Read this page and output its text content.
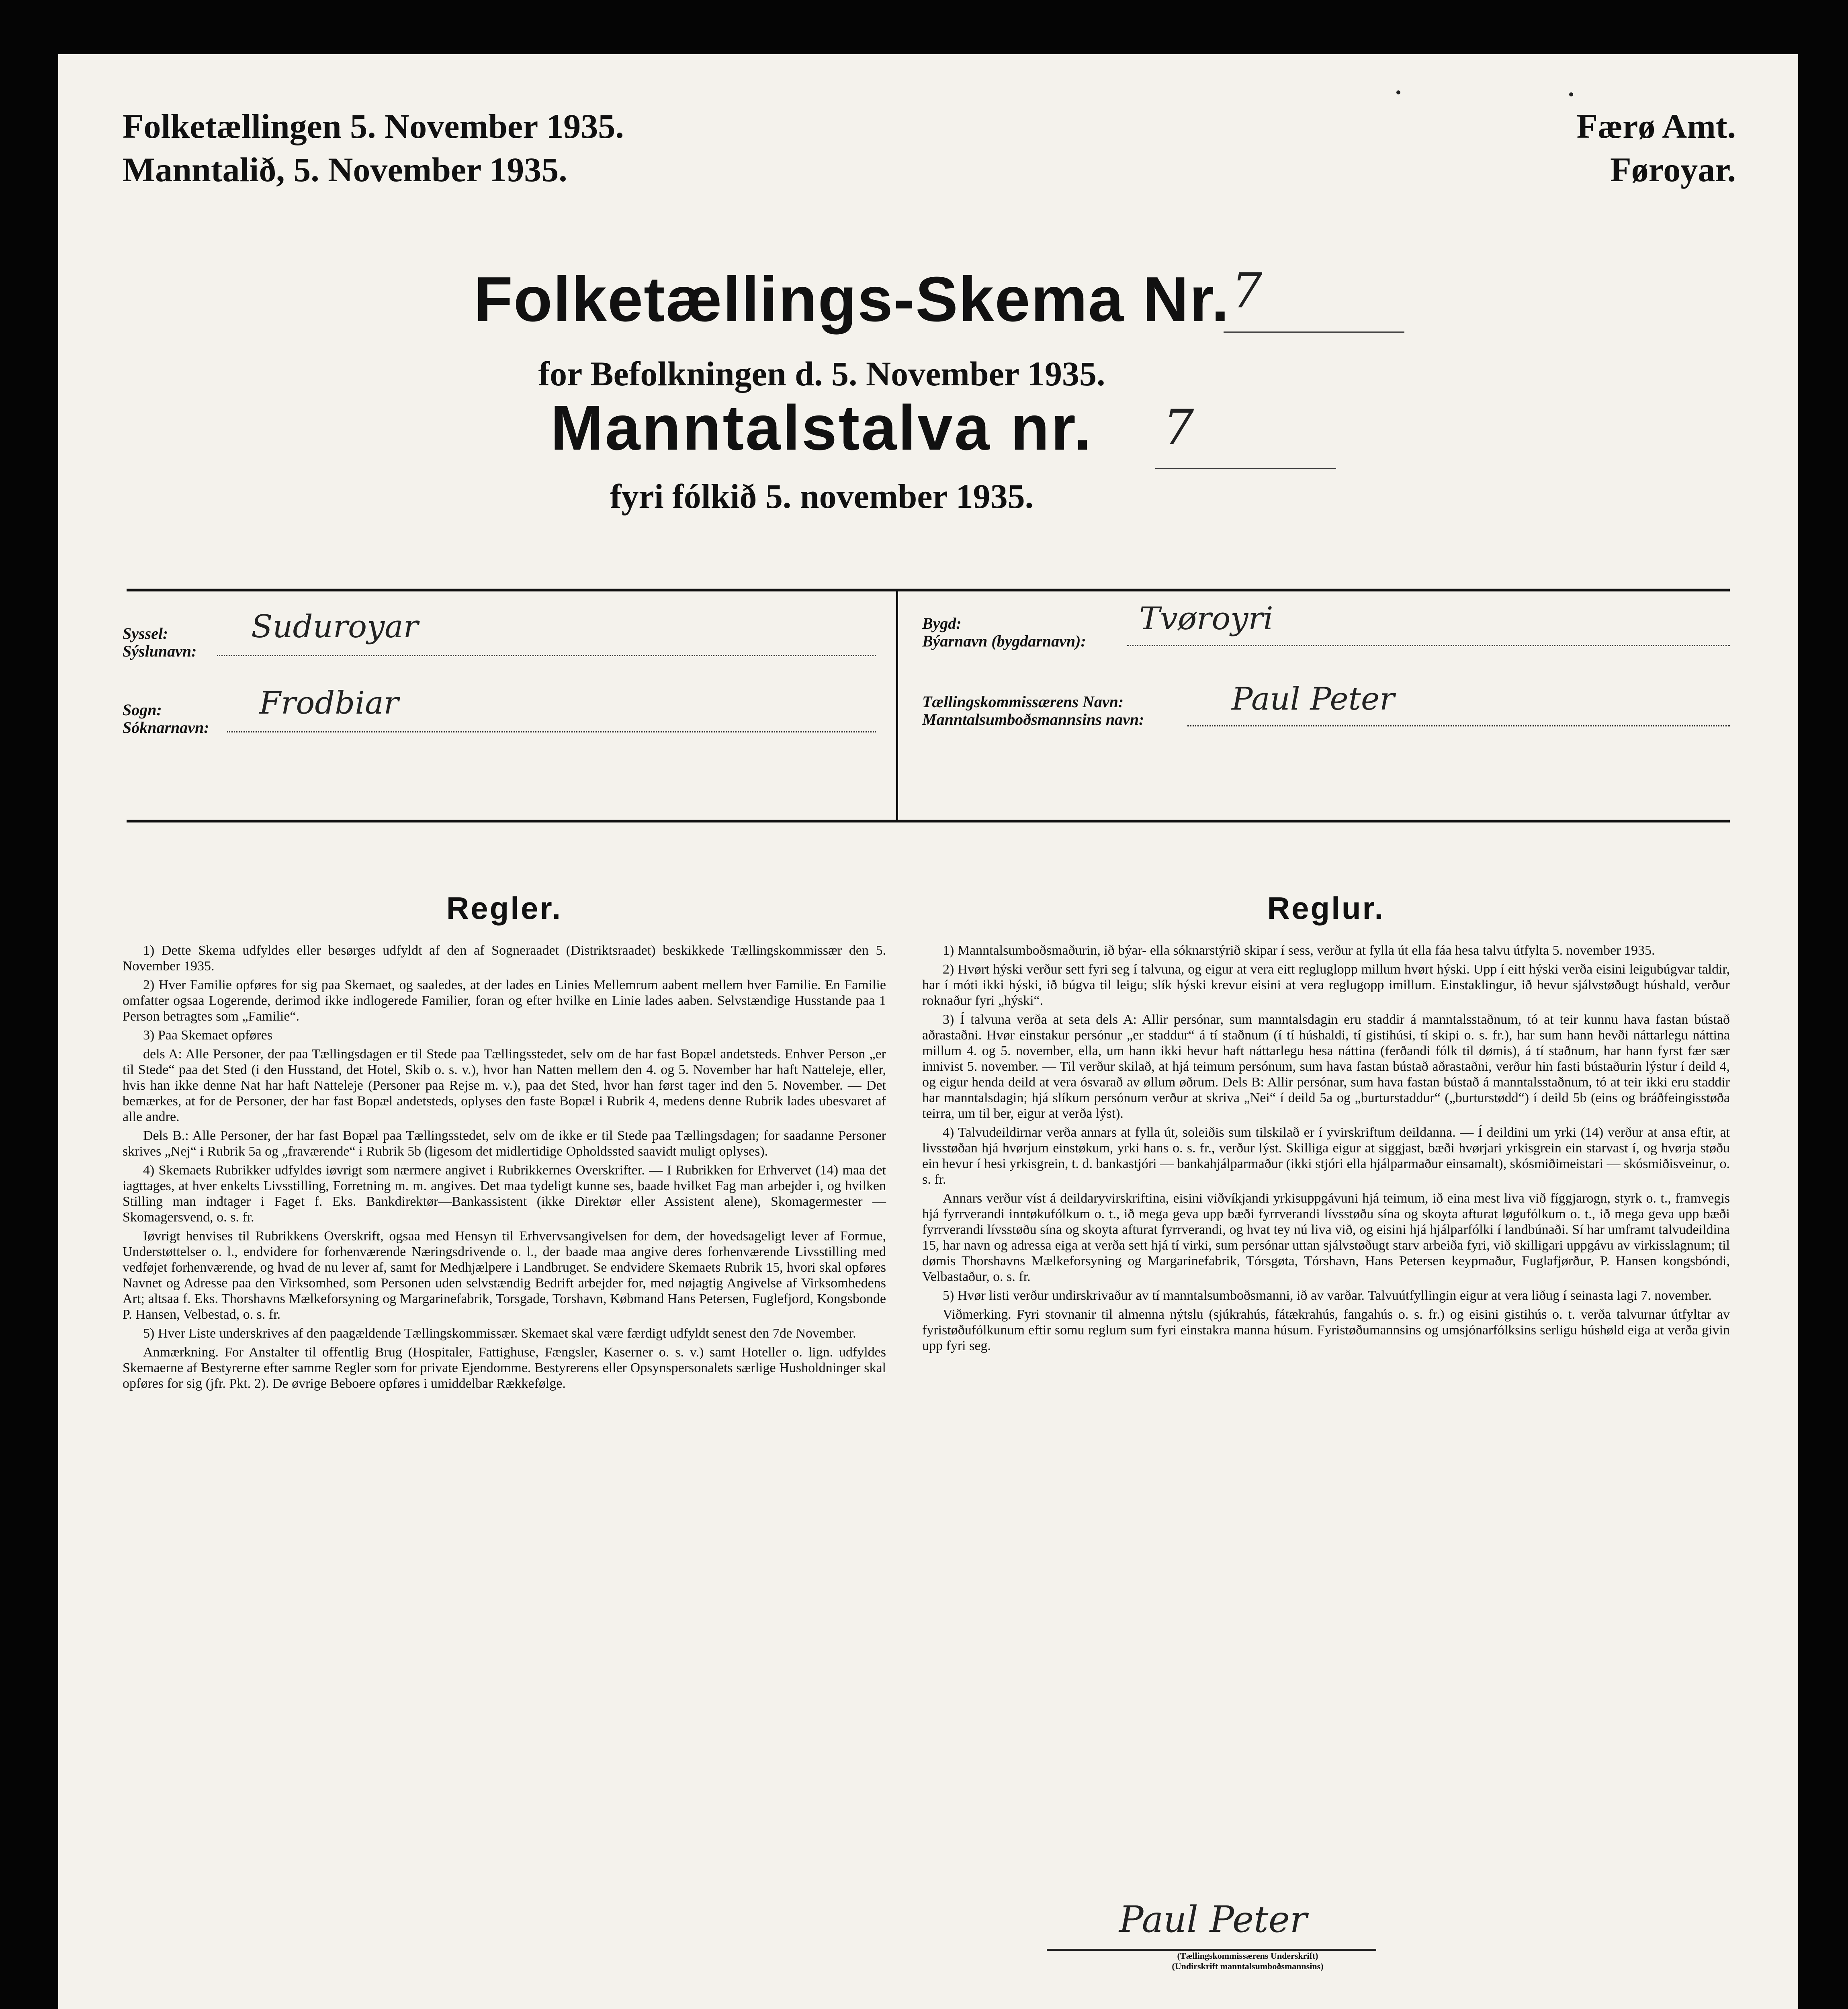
Folketællingen 5. November 1935.
Manntalið, 5. November 1935.
Færø Amt.
Føroyar.
Folketællings-Skema Nr. 7
for Befolkningen d. 5. November 1935.
Manntalstalva nr.	7
fyri fólkið 5. november 1935.
Syssel:
Sýslunavn:
Suduroyar
Sogn:
Sóknarnavn:
Frodbiar
Bygd:
Býarnavn (bygdarnavn):
Tvøroyri
Tællingskommissærens Navn:
Manntalsumboðsmannsins navn:
Paul Peter
Regler.

1) Dette Skema udfyldes eller besørges udfyldt af den af Sogneraadet (Distriktsraadet) beskikkede Tællingskommissær den 5. November 1935.

2) Hver Familie opføres for sig paa Skemaet, og saaledes, at der lades en Linies Mellemrum aabent mellem hver Familie. En Familie omfatter ogsaa Logerende, derimod ikke indlogerede Familier, foran og efter hvilke en Linie lades aaben. Selvstændige Husstande paa 1 Person betragtes som „Familie“.

3) Paa Skemaet opføres

dels A: Alle Personer, der paa Tællingsdagen er til Stede paa Tællingsstedet, selv om de har fast Bopæl andetsteds. Enhver Person „er til Stede“ paa det Sted (i den Husstand, det Hotel, Skib o. s. v.), hvor han Natten mellem den 4. og 5. November har haft Natteleje, eller, hvis han ikke denne Nat har haft Natteleje (Personer paa Rejse m. v.), paa det Sted, hvor han først tager ind den 5. November. — Det bemærkes, at for de Personer, der har fast Bopæl andetsteds, oplyses den faste Bopæl i Rubrik 4, medens denne Rubrik lades ubesvaret af alle andre.

Dels B.: Alle Personer, der har fast Bopæl paa Tællingsstedet, selv om de ikke er til Stede paa Tællingsdagen; for saadanne Personer skrives „Nej“ i Rubrik 5a og „fraværende“ i Rubrik 5b (ligesom det midlertidige Opholdssted saavidt muligt oplyses).

4) Skemaets Rubrikker udfyldes iøvrigt som nærmere angivet i Rubrikkernes Overskrifter. — I Rubrikken for Erhvervet (14) maa det iagttages, at hver enkelts Livsstilling, Forretning m. m. angives. Det maa tydeligt kunne ses, baade hvilket Fag man arbejder i, og hvilken Stilling man indtager i Faget f. Eks. Bankdirektør—Bankassistent (ikke Direktør eller Assistent alene), Skomagermester — Skomagersvend, o. s. fr.

Iøvrigt henvises til Rubrikkens Overskrift, ogsaa med Hensyn til Erhvervsangivelsen for dem, der hovedsageligt lever af Formue, Understøttelser o. l., endvidere for forhenværende Næringsdrivende o. l., der baade maa angive deres forhenværende Livsstilling med vedføjet forhenværende, og hvad de nu lever af, samt for Medhjælpere i Landbruget. Se endvidere Skemaets Rubrik 15, hvori skal opføres Navnet og Adresse paa den Virksomhed, som Personen uden selvstændig Bedrift arbejder for, med nøjagtig Angivelse af Virksomhedens Art; altsaa f. Eks. Thorshavns Mælkeforsyning og Margarinefabrik, Torsgade, Torshavn, Købmand Hans Petersen, Fuglefjord, Kongsbonde P. Hansen, Velbestad, o. s. fr.

5) Hver Liste underskrives af den paagældende Tællingskommissær. Skemaet skal være færdigt udfyldt senest den 7de November.

Anmærkning. For Anstalter til offentlig Brug (Hospitaler, Fattighuse, Fængsler, Kaserner o. s. v.) samt Hoteller o. lign. udfyldes Skemaerne af Bestyrerne efter samme Regler som for private Ejendomme. Bestyrerens eller Opsynspersonalets særlige Husholdninger skal opføres for sig (jfr. Pkt. 2). De øvrige Beboere opføres i umiddelbar Rækkefølge.

Reglur.

1) Manntalsumboðsmaðurin, ið býar- ella sóknarstýrið skipar í sess, verður at fylla út ella fáa hesa talvu útfylta 5. november 1935.

2) Hvørt hýski verður sett fyri seg í talvuna, og eigur at vera eitt regluglopp millum hvørt hýski. Upp í eitt hýski verða eisini leigubúgvar taldir, har í móti ikki hýski, ið búgva til leigu; slík hýski krevur eisini at vera reglugopp imillum. Einstaklingur, ið hevur sjálvstøðugt húshald, verður roknaður fyri „hýski“.

3) Í talvuna verða at seta dels A: Allir persónar, sum manntalsdagin eru staddir á manntalsstaðnum, tó at teir kunnu hava fastan bústað aðrastaðni. Hvør einstakur persónur „er staddur“ á tí staðnum (í tí húshaldi, tí gistihúsi, tí skipi o. s. fr.), har sum hann hevði náttarlegu náttina millum 4. og 5. november, ella, um hann ikki hevur haft náttarlegu hesa náttina (ferðandi fólk til dømis), á tí staðnum, har hann fyrst fær sær innivist 5. november. — Til verður skilað, at hjá teimum persónum, sum hava fastan bústað aðrastaðni, verður hin fasti bústaðurin lýstur í deild 4, og eigur henda deild at vera ósvarað av øllum øðrum. Dels B: Allir persónar, sum hava fastan bústað á manntalsstaðnum, tó at teir ikki eru staddir har manntalsdagin; hjá slíkum persónum verður at skriva „Nei“ í deild 5a og „burturstaddur“ („burturstødd“) í deild 5b (eins og bráðfeingisstøða teirra, um til ber, eigur at verða lýst).

4) Talvudeildirnar verða annars at fylla út, soleiðis sum tilskilað er í yvirskriftum deildanna. — Í deildini um yrki (14) verður at ansa eftir, at livsstøðan hjá hvørjum einstøkum, yrki hans o. s. fr., verður lýst. Skilliga eigur at siggjast, bæði hvørjari yrkisgrein ein starvast í, og hvørja støðu ein hevur í hesi yrkisgrein, t. d. bankastjóri — bankahjálparmaður (ikki stjóri ella hjálparmaður einsamalt), skósmiðimeistari — skósmiðisveinur, o. s. fr.

Annars verður víst á deildaryvirskriftina, eisini viðvíkjandi yrkisuppgávuni hjá teimum, ið eina mest liva við fíggjarogn, styrk o. t., framvegis hjá fyrrverandi inntøkufólkum o. t., ið mega geva upp bæði fyrrverandi lívsstøðu sína og skoyta afturat løgufólkum o. t., ið mega geva upp bæði fyrrverandi lívsstøðu sína og skoyta afturat fyrrverandi, og hvat tey nú liva við, og eisini hjá hjálparfólki í landbúnaði. Sí har umframt talvudeildina 15, har navn og adressa eiga at verða sett hjá tí virki, sum persónar uttan sjálvstøðugt starv arbeiða fyri, við skilligari uppgávu av virkisslagnum; til dømis Thorshavns Mælkeforsyning og Margarinefabrik, Tórsgøta, Tórshavn, Hans Petersen keypmaður, Fuglafjørður, P. Hansen kongsbóndi, Velbastaður, o. s. fr.

5) Hvør listi verður undirskrivaður av tí manntalsumboðsmanni, ið av varðar. Talvuútfyllingin eigur at vera liðug í seinasta lagi 7. november.

Viðmerking. Fyri stovnanir til almenna nýtslu (sjúkrahús, fátækrahús, fangahús o. s. fr.) og eisini gistihús o. t. verða talvurnar útfyltar av fyristøðufólkunum eftir somu reglum sum fyri einstakra manna húsum. Fyristøðumannsins og umsjónarfólksins serligu húshøld eiga at verða givin upp fyri seg.

Paul Peter
(Tællingskommissærens Underskrift)
(Undirskrift manntalsumboðsmannsins)
